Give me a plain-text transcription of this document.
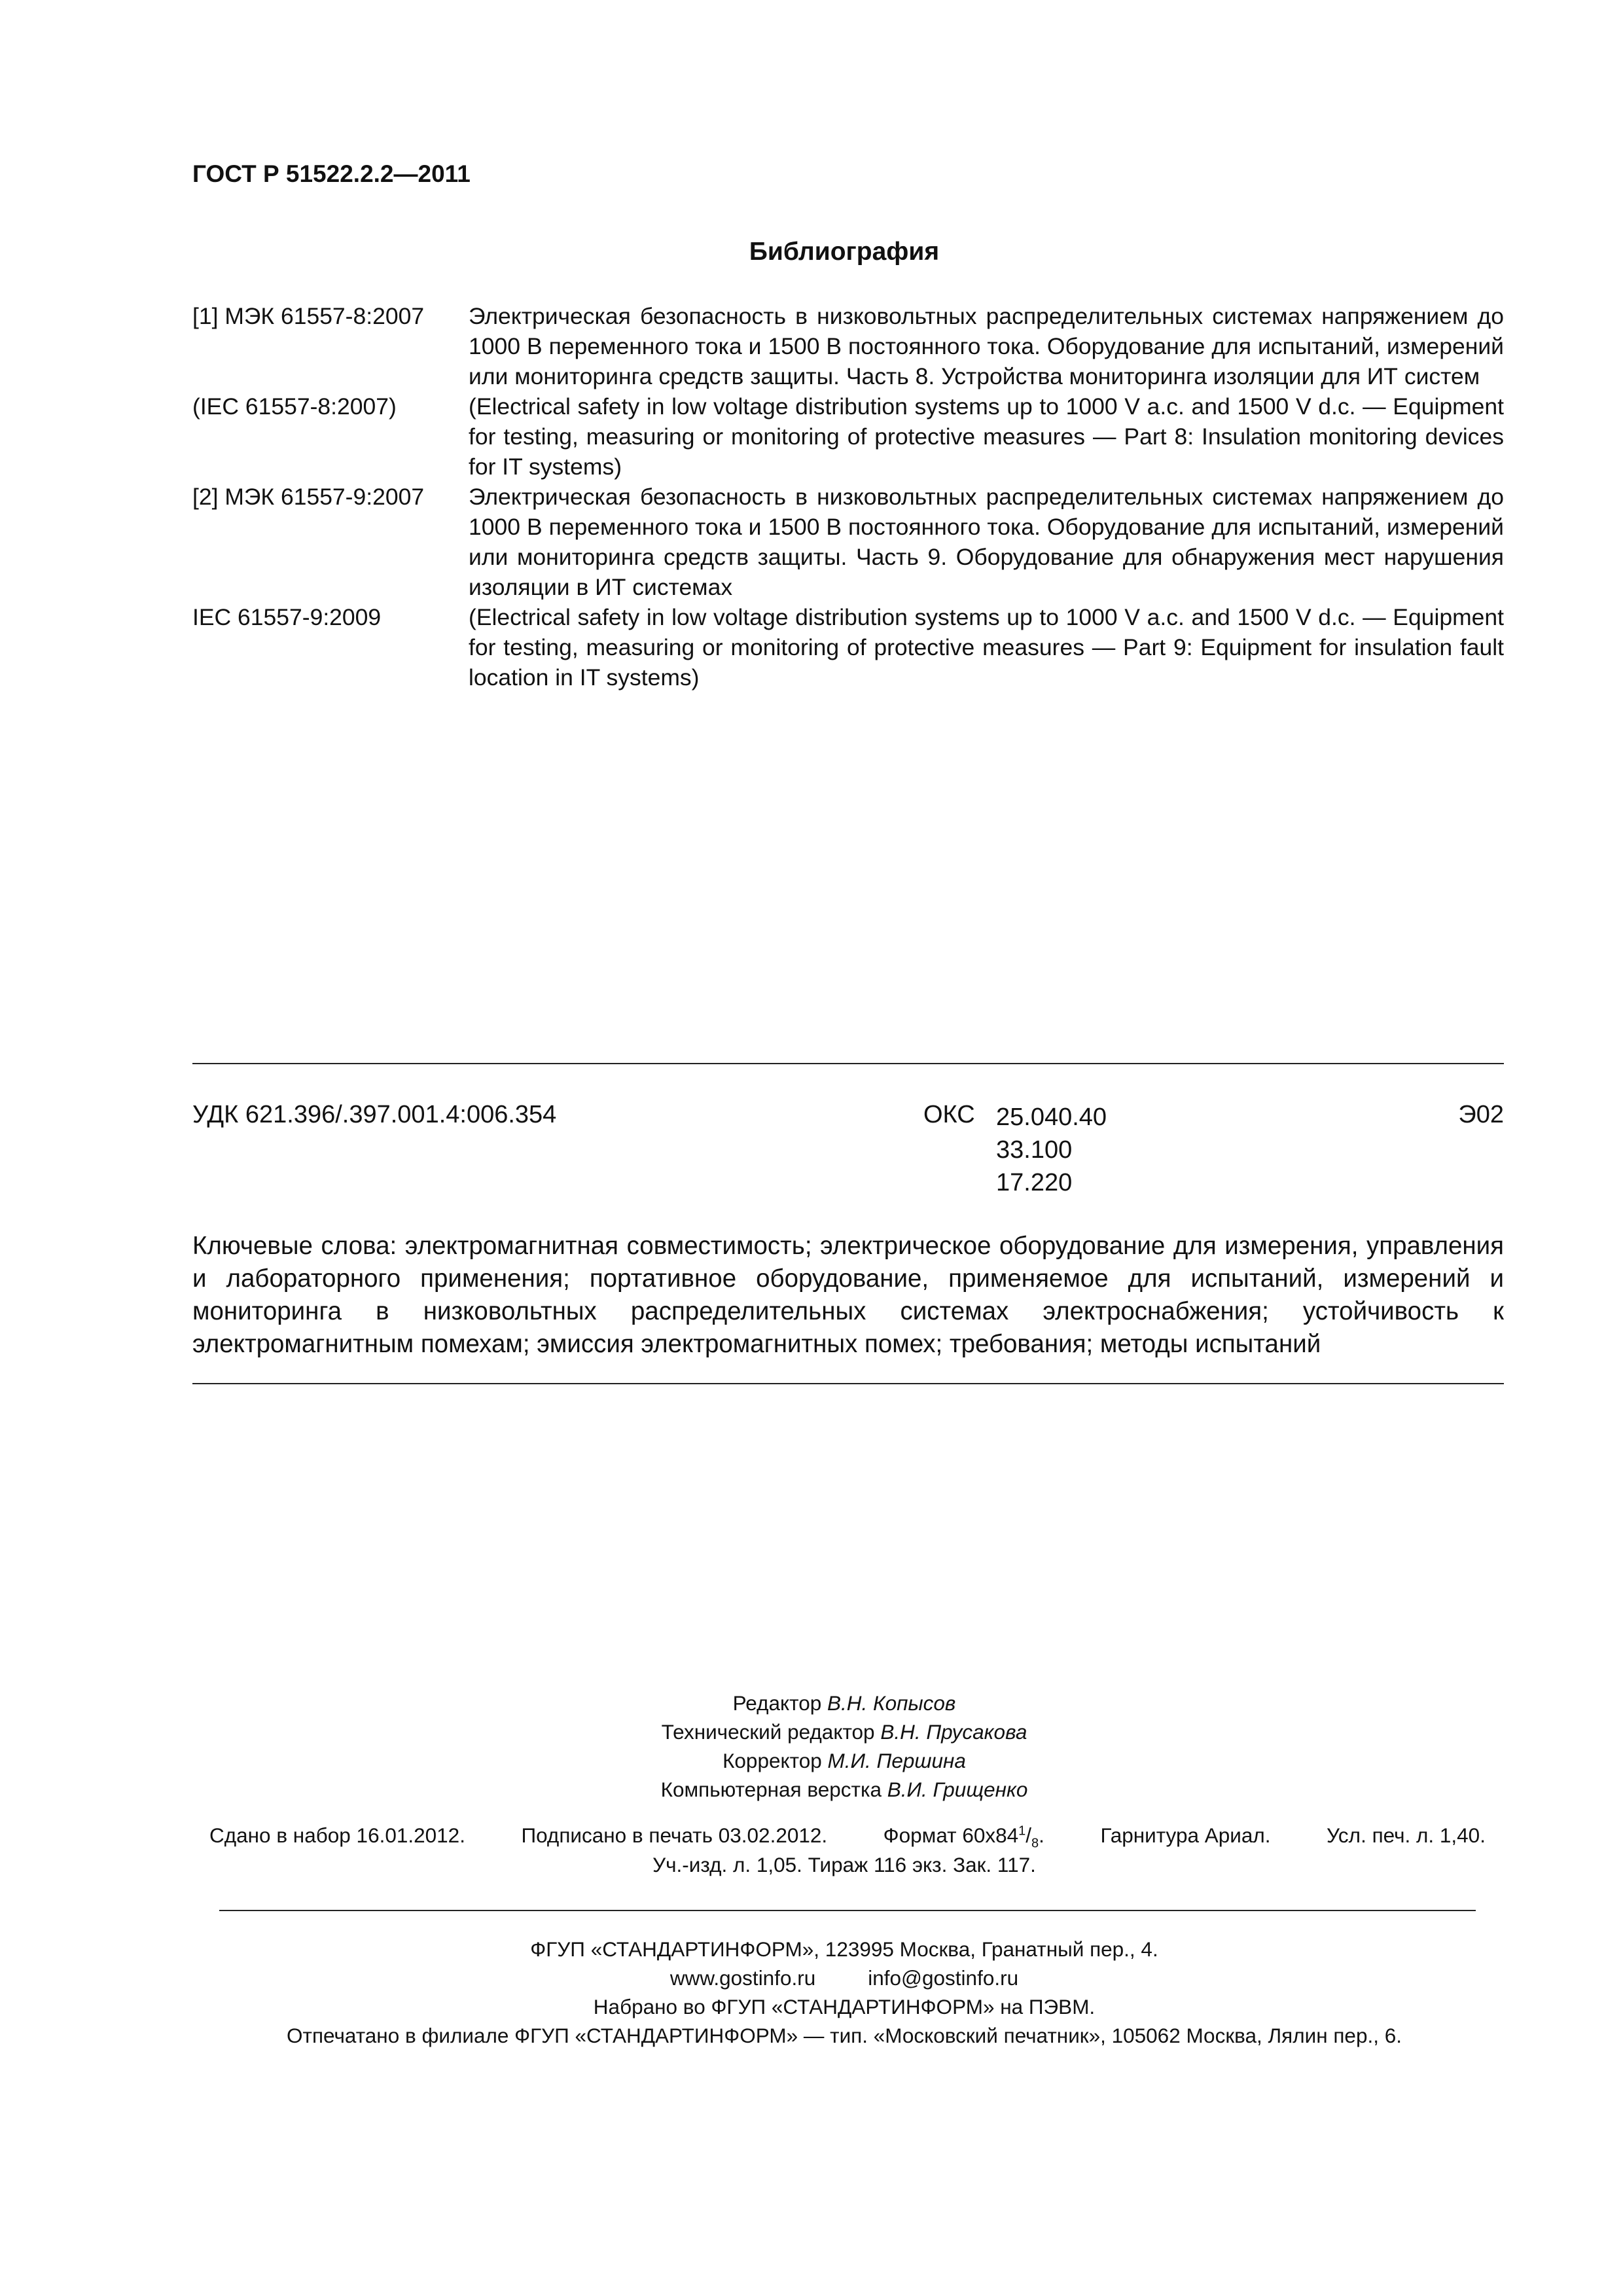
ГОСТ Р 51522.2.2—2011
Библиография
[1] МЭК 61557-8:2007	Электрическая безопасность в низковольтных распределительных системах напряжением до 1000 В переменного тока и 1500 В постоянного тока. Оборудование для испытаний, измерений или мониторинга средств защиты. Часть 8. Устройства мониторинга изоляции для ИТ систем
(IEC 61557-8:2007)	(Electrical safety in low voltage distribution systems up to 1000 V a.c. and 1500 V d.c. — Equipment for testing, measuring or monitoring of protective measures — Part 8: Insulation monitoring devices for IT systems)
[2] МЭК 61557-9:2007	Электрическая безопасность в низковольтных распределительных системах напряжением до 1000 В переменного тока и 1500 В постоянного тока. Оборудование для испытаний, измерений или мониторинга средств защиты. Часть 9. Оборудование для обнаружения мест нарушения изоляции в ИТ системах
IEC 61557-9:2009	(Electrical safety in low voltage distribution systems up to 1000 V a.c. and 1500 V d.c. — Equipment for testing, measuring or monitoring of protective measures — Part 9: Equipment for insulation fault location in IT systems)
УДК 621.396/.397.001.4:006.354	ОКС 25.040.40
33.100
17.220
Э02
Ключевые слова: электромагнитная совместимость; электрическое оборудование для измерения, управления и лабораторного применения; портативное оборудование, применяемое для испытаний, измерений и мониторинга в низковольтных распределительных системах электроснабжения; устойчивость к электромагнитным помехам; эмиссия электромагнитных помех; требования; методы испытаний
Редактор В.Н. Копысов
Технический редактор В.Н. Прусакова
Корректор М.И. Першина
Компьютерная верстка В.И. Грищенко
Сдано в набор 16.01.2012.	Подписано в печать 03.02.2012.	Формат $60x84^1/_8$.	Гарнитура Ариал.	Усл. печ. л. 1,40.
Уч.-изд. л. 1,05. Тираж 116 экз. Зак. 117.
ФГУП «СТАНДАРТИНФОРМ», 123995 Москва, Гранатный пер., 4.
www.gostinfo.ru	info@gostinfo.ru
Набрано во ФГУП «СТАНДАРТИНФОРМ» на ПЭВМ.
Отпечатано в филиале ФГУП «СТАНДАРТИНФОРМ» — тип. «Московский печатник», 105062 Москва, Лялин пер., 6.
